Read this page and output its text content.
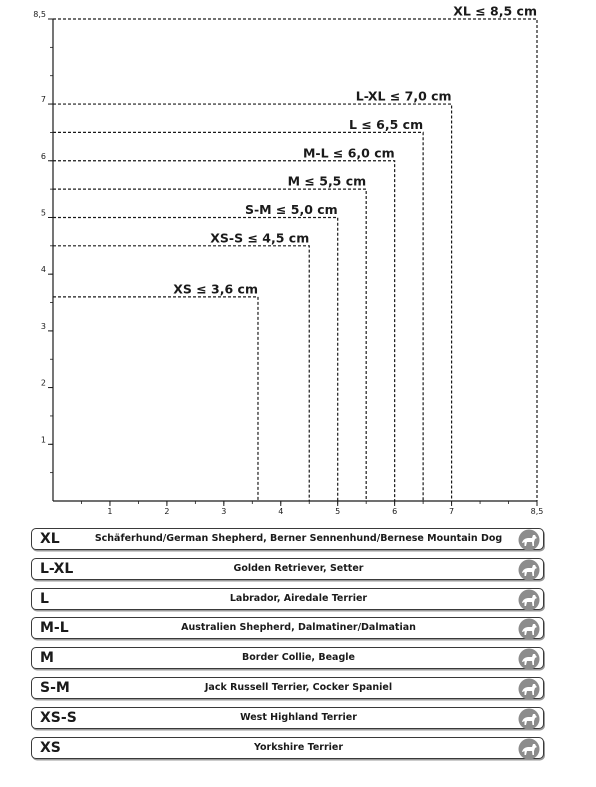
1	2	3	4	5	6	7	8,5
1
2
3
4
5
6
7
8,5
XS ≤ 3,6 cm
XS-S ≤ 4,5 cm
S-M ≤ 5,0 cm
M ≤ 5,5 cm
M-L ≤ 6,0 cm
L ≤ 6,5 cm
L-XL ≤ 7,0 cm
XL ≤ 8,5 cm
XL	Schäferhund/German Shepherd, Berner Sennenhund/Bernese Mountain Dog
L-XL	Golden Retriever, Setter
L	Labrador, Airedale Terrier
M-L	Australien Shepherd, Dalmatiner/Dalmatian
M	Border Collie, Beagle
S-M	Jack Russell Terrier, Cocker Spaniel
XS-S	West Highland Terrier
XS	Yorkshire Terrier
